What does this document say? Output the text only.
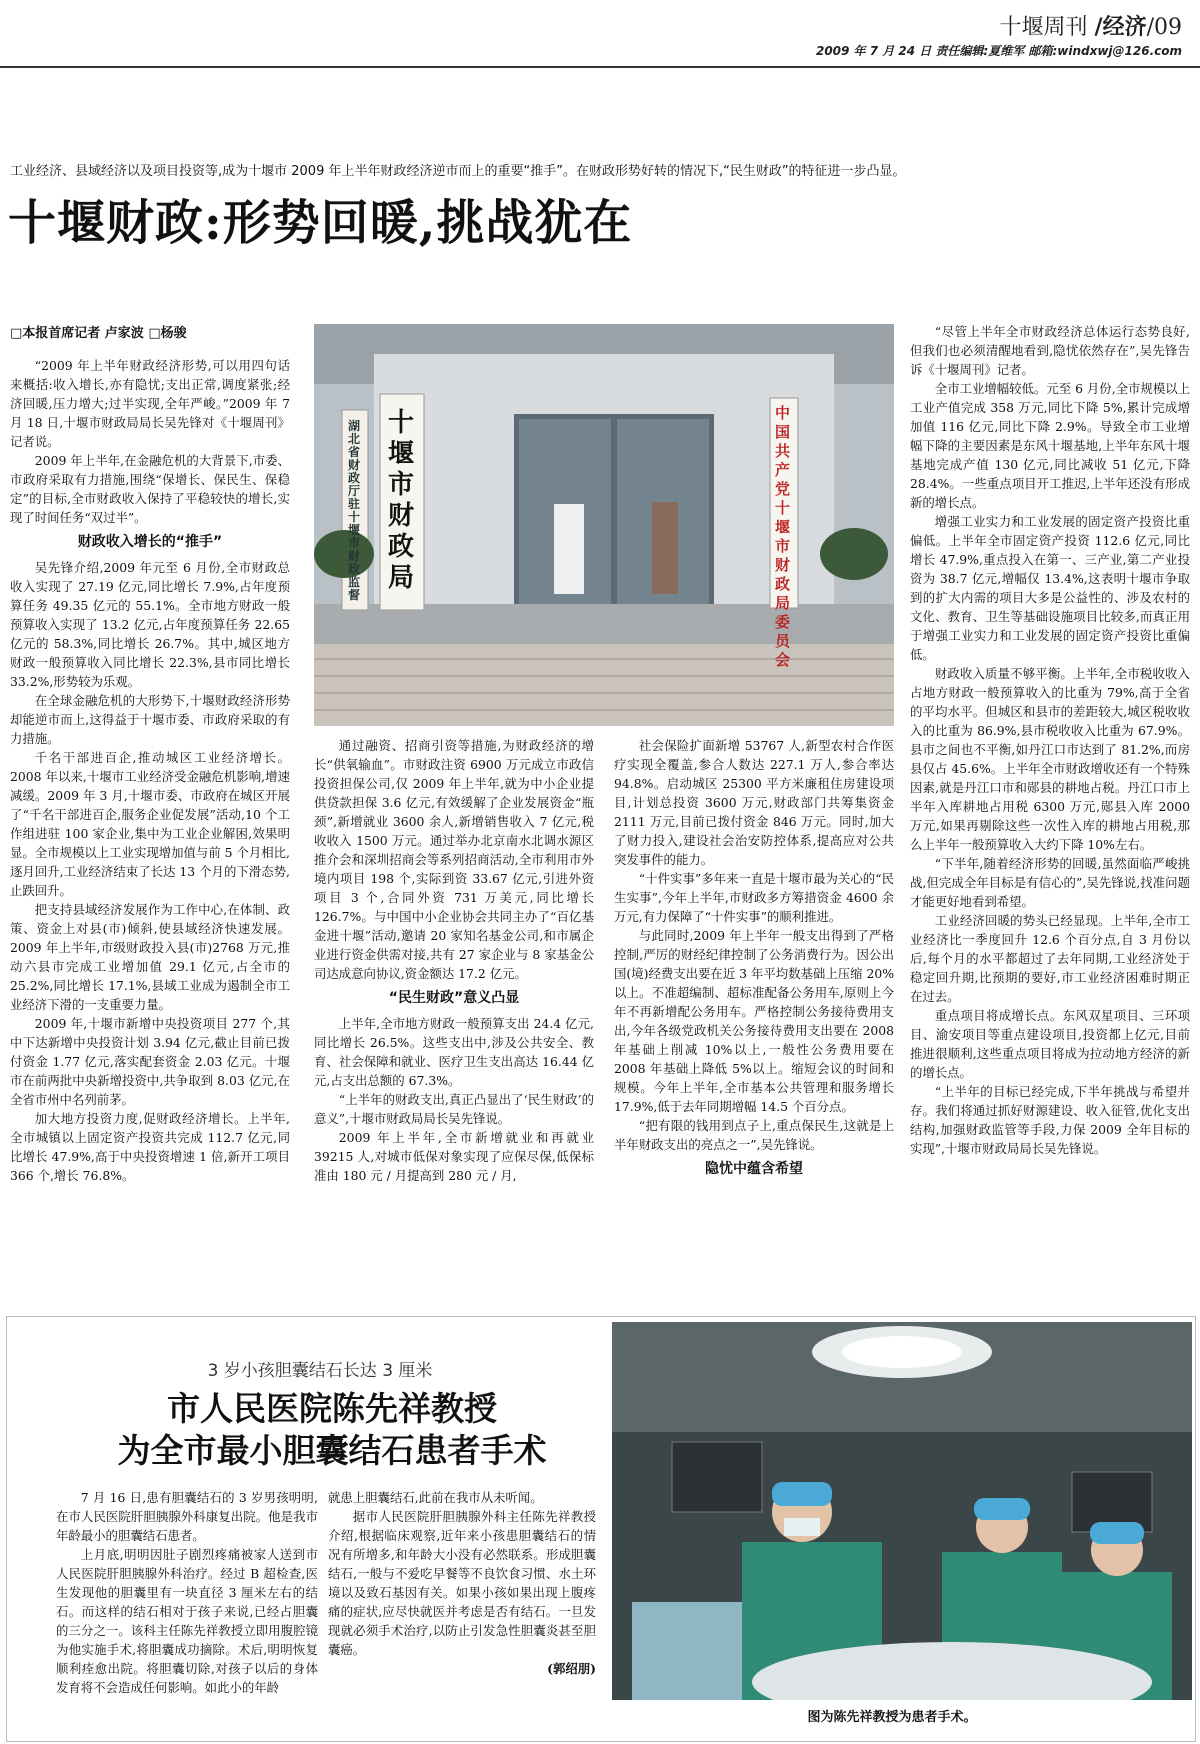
十堰周刊 /经济/09
2009 年 7 月 24 日 责任编辑:夏维军 邮箱:windxwj@126.com
工业经济、县域经济以及项目投资等,成为十堰市 2009 年上半年财政经济逆市而上的重要“推手”。在财政形势好转的情况下,“民生财政”的特征进一步凸显。
十堰财政:形势回暖,挑战犹在
□本报首席记者 卢家波 □杨骏

“2009 年上半年财政经济形势,可以用四句话来概括:收入增长,亦有隐忧;支出正常,调度紧张;经济回暖,压力增大;过半实现,全年严峻。”2009 年 7 月 18 日,十堰市财政局局长吴先锋对《十堰周刊》记者说。

2009 年上半年,在金融危机的大背景下,市委、市政府采取有力措施,围绕“保增长、保民生、保稳定”的目标,全市财政收入保持了平稳较快的增长,实现了时间任务“双过半”。

财政收入增长的“推手”

吴先锋介绍,2009 年元至 6 月份,全市财政总收入实现了 27.19 亿元,同比增长 7.9%,占年度预算任务 49.35 亿元的 55.1%。全市地方财政一般预算收入实现了 13.2 亿元,占年度预算任务 22.65 亿元的 58.3%,同比增长 26.7%。其中,城区地方财政一般预算收入同比增长 22.3%,县市同比增长 33.2%,形势较为乐观。

在全球金融危机的大形势下,十堰财政经济形势却能逆市而上,这得益于十堰市委、市政府采取的有力措施。

千名干部进百企,推动城区工业经济增长。2008 年以来,十堰市工业经济受金融危机影响,增速减缓。2009 年 3 月,十堰市委、市政府在城区开展了“千名干部进百企,服务企业促发展”活动,10 个工作组进驻 100 家企业,集中为工业企业解困,效果明显。全市规模以上工业实现增加值与前 5 个月相比,逐月回升,工业经济结束了长达 13 个月的下滑态势,止跌回升。

把支持县域经济发展作为工作中心,在体制、政策、资金上对县(市)倾斜,使县域经济快速发展。2009 年上半年,市级财政投入县(市)2768 万元,推动六县市完成工业增加值 29.1 亿元,占全市的 25.2%,同比增长 17.1%,县域工业成为遏制全市工业经济下滑的一支重要力量。

2009 年,十堰市新增中央投资项目 277 个,其中下达新增中央投资计划 3.94 亿元,截止目前已拨付资金 1.77 亿元,落实配套资金 2.03 亿元。十堰市在前两批中央新增投资中,共争取到 8.03 亿元,在全省市州中名列前茅。

加大地方投资力度,促财政经济增长。上半年,全市城镇以上固定资产投资共完成 112.7 亿元,同比增长 47.9%,高于中央投资增速 1 倍,新开工项目 366 个,增长 76.8%。

湖北省财政厅驻十堰市财政监督
十堰市财政局
中国共产党十堰市财政局委员会

通过融资、招商引资等措施,为财政经济的增长“供氧输血”。市财政注资 6900 万元成立市政信投资担保公司,仅 2009 年上半年,就为中小企业提供贷款担保 3.6 亿元,有效缓解了企业发展资金“瓶颈”,新增就业 3600 余人,新增销售收入 7 亿元,税收收入 1500 万元。通过举办北京南水北调水源区推介会和深圳招商会等系列招商活动,全市利用市外境内项目 198 个,实际到资 33.67 亿元,引进外资项目 3 个,合同外资 731 万美元,同比增长 126.7%。与中国中小企业协会共同主办了“百亿基金进十堰”活动,邀请 20 家知名基金公司,和市属企业进行资金供需对接,共有 27 家企业与 8 家基金公司达成意向协议,资金额达 17.2 亿元。

“民生财政”意义凸显

上半年,全市地方财政一般预算支出 24.4 亿元,同比增长 26.5%。这些支出中,涉及公共安全、教育、社会保障和就业、医疗卫生支出高达 16.44 亿元,占支出总额的 67.3%。

“上半年的财政支出,真正凸显出了‘民生财政’的意义”,十堰市财政局局长吴先锋说。

2009 年上半年,全市新增就业和再就业 39215 人,对城市低保对象实现了应保尽保,低保标准由 180 元 / 月提高到 280 元 / 月,

社会保险扩面新增 53767 人,新型农村合作医疗实现全覆盖,参合人数达 227.1 万人,参合率达 94.8%。启动城区 25300 平方米廉租住房建设项目,计划总投资 3600 万元,财政部门共筹集资金 2111 万元,目前已拨付资金 846 万元。同时,加大了财力投入,建设社会治安防控体系,提高应对公共突发事件的能力。

“十件实事”多年来一直是十堰市最为关心的“民生实事”,今年上半年,市财政多方筹措资金 4600 余万元,有力保障了“十件实事”的顺利推进。

与此同时,2009 年上半年一般支出得到了严格控制,严厉的财经纪律控制了公务消费行为。因公出国(境)经费支出要在近 3 年平均数基础上压缩 20%以上。不准超编制、超标准配备公务用车,原则上今年不再新增配公务用车。严格控制公务接待费用支出,今年各级党政机关公务接待费用支出要在 2008 年基础上削减 10%以上,一般性公务费用要在 2008 年基础上降低 5%以上。缩短会议的时间和规模。今年上半年,全市基本公共管理和服务增长 17.9%,低于去年同期增幅 14.5 个百分点。

“把有限的钱用到点子上,重点保民生,这就是上半年财政支出的亮点之一”,吴先锋说。

隐忧中蕴含希望

“尽管上半年全市财政经济总体运行态势良好,但我们也必须清醒地看到,隐忧依然存在”,吴先锋告诉《十堰周刊》记者。

全市工业增幅较低。元至 6 月份,全市规模以上工业产值完成 358 万元,同比下降 5%,累计完成增加值 116 亿元,同比下降 2.9%。导致全市工业增幅下降的主要因素是东风十堰基地,上半年东风十堰基地完成产值 130 亿元,同比减收 51 亿元,下降 28.4%。一些重点项目开工推迟,上半年还没有形成新的增长点。

增强工业实力和工业发展的固定资产投资比重偏低。上半年全市固定资产投资 112.6 亿元,同比增长 47.9%,重点投入在第一、三产业,第二产业投资为 38.7 亿元,增幅仅 13.4%,这表明十堰市争取到的扩大内需的项目大多是公益性的、涉及农村的文化、教育、卫生等基础设施项目比较多,而真正用于增强工业实力和工业发展的固定资产投资比重偏低。

财政收入质量不够平衡。上半年,全市税收收入占地方财政一般预算收入的比重为 79%,高于全省的平均水平。但城区和县市的差距较大,城区税收收入的比重为 86.9%,县市税收收入比重为 67.9%。县市之间也不平衡,如丹江口市达到了 81.2%,而房县仅占 45.6%。上半年全市财政增收还有一个特殊因素,就是丹江口市和郧县的耕地占税。丹江口市上半年入库耕地占用税 6300 万元,郧县入库 2000 万元,如果再剔除这些一次性入库的耕地占用税,那么上半年一般预算收入大约下降 10%左右。

“下半年,随着经济形势的回暖,虽然面临严峻挑战,但完成全年目标是有信心的”,吴先锋说,找准问题才能更好地看到希望。

工业经济回暖的势头已经显现。上半年,全市工业经济比一季度回升 12.6 个百分点,自 3 月份以后,每个月的水平都超过了去年同期,工业经济处于稳定回升期,比预期的要好,市工业经济困难时期正在过去。

重点项目将成增长点。东风双星项目、三环项目、渝安项目等重点建设项目,投资都上亿元,目前推进很顺利,这些重点项目将成为拉动地方经济的新的增长点。

“上半年的目标已经完成,下半年挑战与希望并存。我们将通过抓好财源建设、收入征管,优化支出结构,加强财政监管等手段,力保 2009 全年目标的实现”,十堰市财政局局长吴先锋说。

3 岁小孩胆囊结石长达 3 厘米
市人民医院陈先祥教授
为全市最小胆囊结石患者手术

7 月 16 日,患有胆囊结石的 3 岁男孩明明,在市人民医院肝胆胰腺外科康复出院。他是我市年龄最小的胆囊结石患者。

上月底,明明因肚子剧烈疼痛被家人送到市人民医院肝胆胰腺外科治疗。经过 B 超检查,医生发现他的胆囊里有一块直径 3 厘米左右的结石。而这样的结石相对于孩子来说,已经占胆囊的三分之一。该科主任陈先祥教授立即用腹腔镜为他实施手术,将胆囊成功摘除。术后,明明恢复顺利痊愈出院。将胆囊切除,对孩子以后的身体发育将不会造成任何影响。如此小的年龄

就患上胆囊结石,此前在我市从未听闻。

据市人民医院肝胆胰腺外科主任陈先祥教授介绍,根据临床观察,近年来小孩患胆囊结石的情况有所增多,和年龄大小没有必然联系。形成胆囊结石,一般与不爱吃早餐等不良饮食习惯、水土环境以及致石基因有关。如果小孩如果出现上腹疼痛的症状,应尽快就医并考虑是否有结石。一旦发现就必须手术治疗,以防止引发急性胆囊炎甚至胆囊癌。

(郭绍朋)
图为陈先祥教授为患者手术。
